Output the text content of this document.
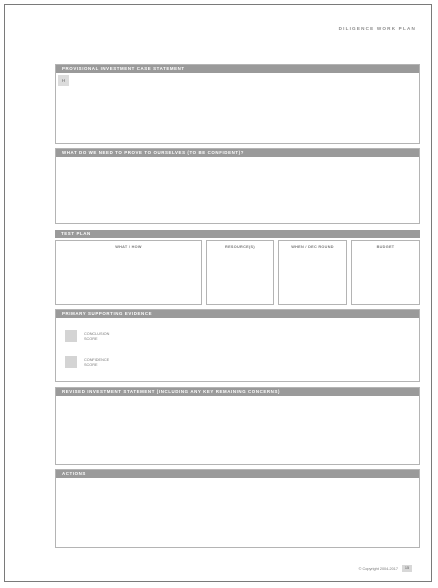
DILIGENCE WORK PLAN
PROVISIONAL INVESTMENT CASE STATEMENT
H
WHAT DO WE NEED TO PROVE TO OURSELVES (TO BE CONFIDENT)?
TEST PLAN
WHAT / HOW	RESOURCE(S)	WHEN / DEC ROUND	BUDGET
PRIMARY SUPPORTING EVIDENCE
CONCLUSION
SCORE
CONFIDENCE
SCORE
REVISED INVESTMENT STATEMENT (INCLUDING ANY KEY REMAINING CONCERNS)
ACTIONS
© Copyright 2004-2017	15
